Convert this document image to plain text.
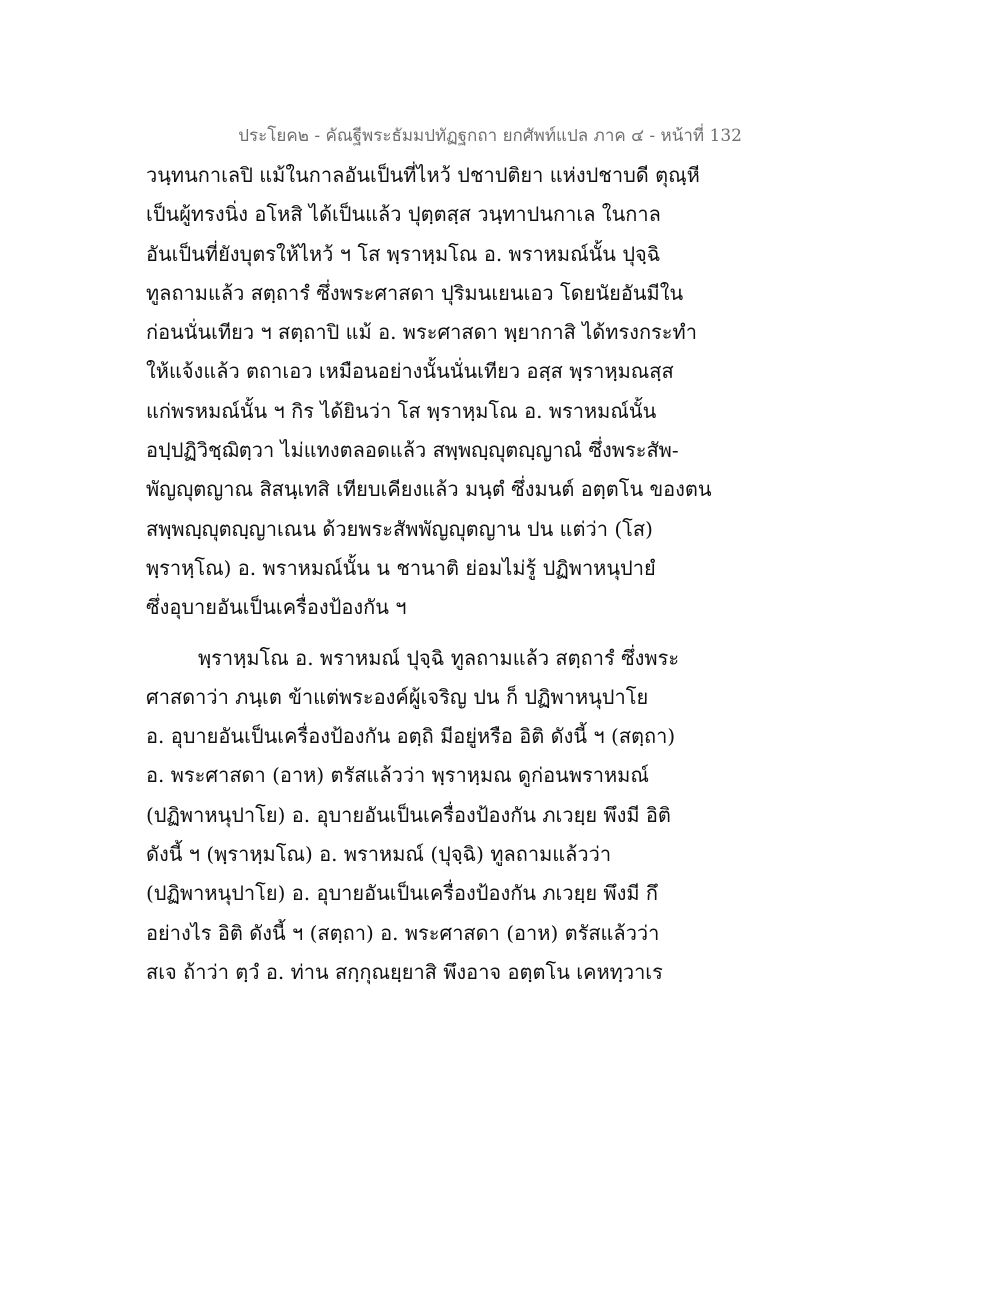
ประโยค๒ - คัณฐีพระธัมมปทัฏฐกถา ยกศัพท์แปล ภาค ๔ - หน้าที่ 132
วนฺทนกาเลปิ แม้ในกาลอันเป็นที่ไหว้ ปชาปติยา แห่งปชาบดี ตุณฺหี
เป็นผู้ทรงนิ่ง อโหสิ ได้เป็นแล้ว ปุตฺตสฺส วนฺทาปนกาเล ในกาล
อันเป็นที่ยังบุตรให้ไหว้ ฯ โส พฺราหฺมโณ อ. พราหมณ์นั้น ปุจฺฉิ
ทูลถามแล้ว สตฺถารํ ซึ่งพระศาสดา ปุริมนเยนเอว โดยนัยอันมีใน
ก่อนนั่นเทียว ฯ สตฺถาปิ แม้ อ. พระศาสดา พฺยากาสิ ได้ทรงกระทำ
ให้แจ้งแล้ว ตถาเอว เหมือนอย่างนั้นนั่นเทียว อสฺส พฺราหฺมณสฺส
แก่พรหมณ์นั้น ฯ กิร ได้ยินว่า โส พฺราหฺมโณ อ. พราหมณ์นั้น
อปฺปฏิวิชฺฌิตฺวา ไม่แทงตลอดแล้ว สพฺพญฺญุตญฺญาณํ ซึ่งพระสัพ-
พัญญุตญาณ สิสนฺเทสิ เทียบเคียงแล้ว มนฺตํ ซึ่งมนต์ อตฺตโน ของตน
สพฺพญฺญุตญฺญาเณน ด้วยพระสัพพัญญุตญาน ปน แต่ว่า (โส)
พฺราหฺโณ) อ. พราหมณ์นั้น น ชานาติ ย่อมไม่รู้ ปฏิพาหนุปายํ
ซึ่งอุบายอันเป็นเครื่องป้องกัน ฯ
พฺราหฺมโณ อ. พราหมณ์ ปุจฺฉิ ทูลถามแล้ว สตฺถารํ ซึ่งพระ
ศาสดาว่า ภนฺเต ข้าแต่พระองค์ผู้เจริญ ปน ก็ ปฏิพาหนุปาโย
อ. อุบายอันเป็นเครื่องป้องกัน อตฺถิ มีอยู่หรือ อิติ ดังนี้ ฯ (สตฺถา)
อ. พระศาสดา (อาห) ตรัสแล้วว่า พฺราหฺมณ ดูก่อนพราหมณ์
(ปฏิพาหนุปาโย) อ. อุบายอันเป็นเครื่องป้องกัน ภเวยฺย พึงมี อิติ
ดังนี้ ฯ (พฺราหฺมโณ) อ. พราหมณ์ (ปุจฺฉิ) ทูลถามแล้วว่า
(ปฏิพาหนุปาโย) อ. อุบายอันเป็นเครื่องป้องกัน ภเวยฺย พึงมี กึ
อย่างไร อิติ ดังนี้ ฯ (สตฺถา) อ. พระศาสดา (อาห) ตรัสแล้วว่า
สเจ ถ้าว่า ตฺวํ อ. ท่าน สกฺกุณยฺยาสิ พึงอาจ อตฺตโน เคหทฺวาเร
